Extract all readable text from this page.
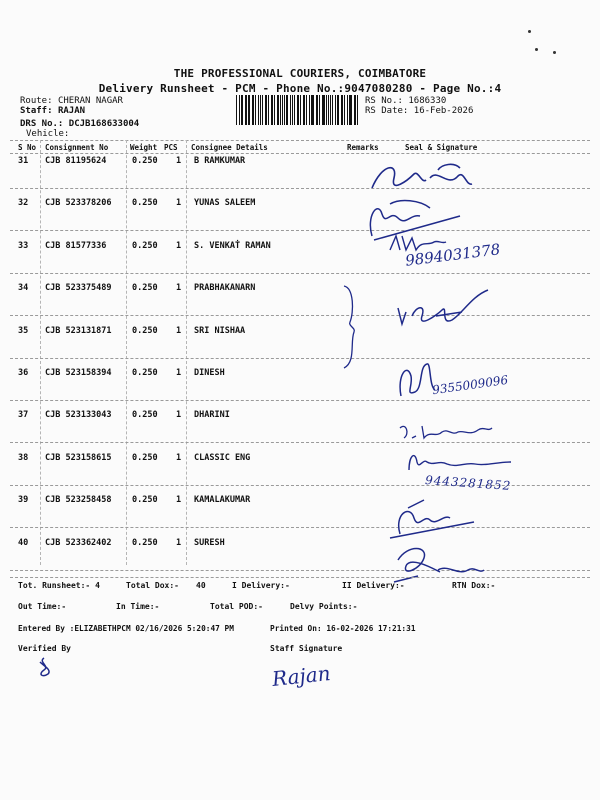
THE PROFESSIONAL COURIERS, COIMBATORE
Delivery Runsheet - PCM - Phone No.:9047080280 - Page No.:4
Route: CHERAN NAGAR
Staff: RAJAN
DRS No.: DCJB168633004
Vehicle:
RS No.: 1686330
RS Date: 16-Feb-2026
S No Consignment No	Weight PCS Consignee Details	Remarks	Seal & Signature
31 CJB 81195624	0.250 1 B RAMKUMAR
32 CJB 523378206 0.250 1 YUNAS SALEEM
33 CJB 81577336	0.250 1 S. VENKAṪ RAMAN
34 CJB 523375489 0.250 1 PRABHAKANARN
35 CJB 523131871 0.250 1 SRI NISHAA
36 CJB 523158394 0.250 1 DINESH
37 CJB 523133043 0.250 1 DHARINI
38 CJB 523158615 0.250 1 CLASSIC ENG
39 CJB 523258458 0.250 1 KAMALAKUMAR
40 CJB 523362402 0.250 1 SURESH
9894031378
9355009096
9443281852
Tot. Runsheet:- 4	Total Dox:- 40	I Delivery:-	II Delivery:-	RTN Dox:-
Out Time:-	In Time:-	Total POD:-	Delvy Points:-
Entered By :ELIZABETHPCM 02/16/2026 5:20:47 PM	Printed On: 16-02-2026 17:21:31
Verified By	Staff Signature
Rajan
